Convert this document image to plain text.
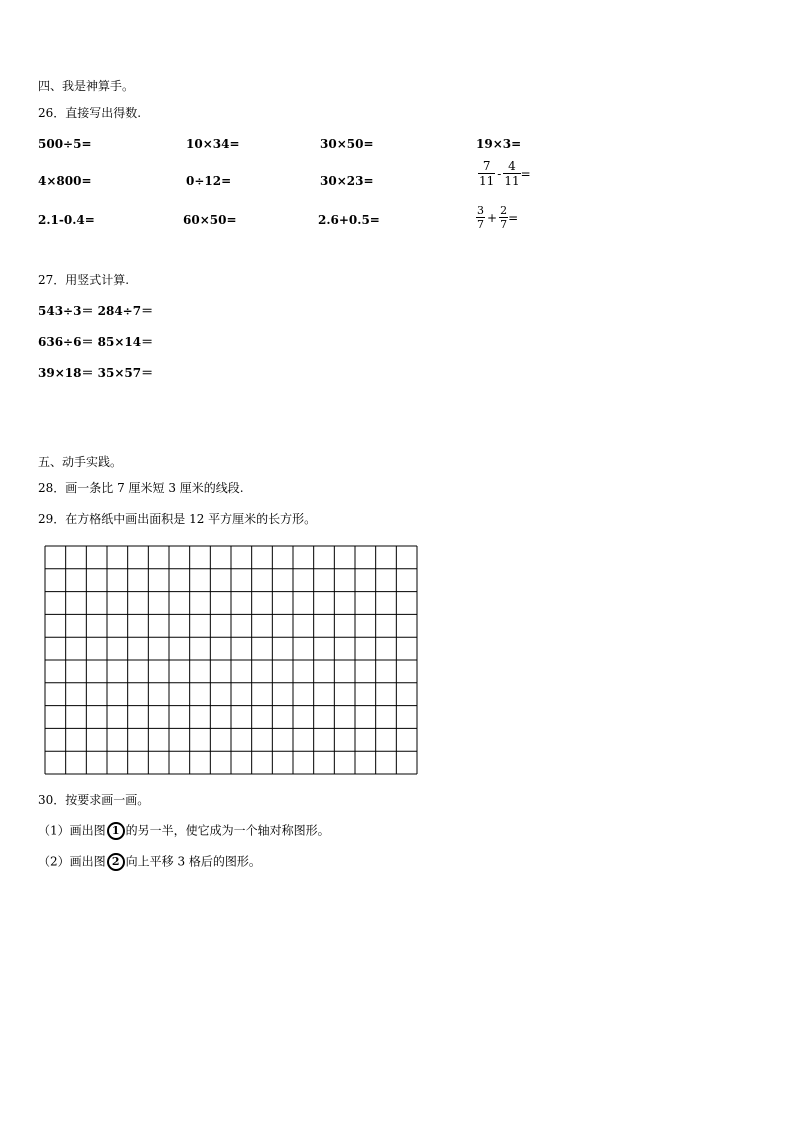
四、我是神算手。
26．直接写出得数.
500÷5=	10×34=	30×50=	19×3=
4×800=	0÷12=	30×23=	$\frac{7}{11} - \frac{4}{11}$ =
2.1-0.4=	60×50=	2.6+0.5=	$\frac{3}{7} + \frac{2}{7}$ =
27．用竖式计算.
543÷3＝ 284÷7＝
636÷6＝ 85×14＝
39×18＝ 35×57＝
五、动手实践。
28．画一条比 7 厘米短 3 厘米的线段.
29．在方格纸中画出面积是 12 平方厘米的长方形。
30．按要求画一画。
（1）画出图 1 的另一半，使它成为一个轴对称图形。
（2）画出图 2 向上平移 3 格后的图形。
